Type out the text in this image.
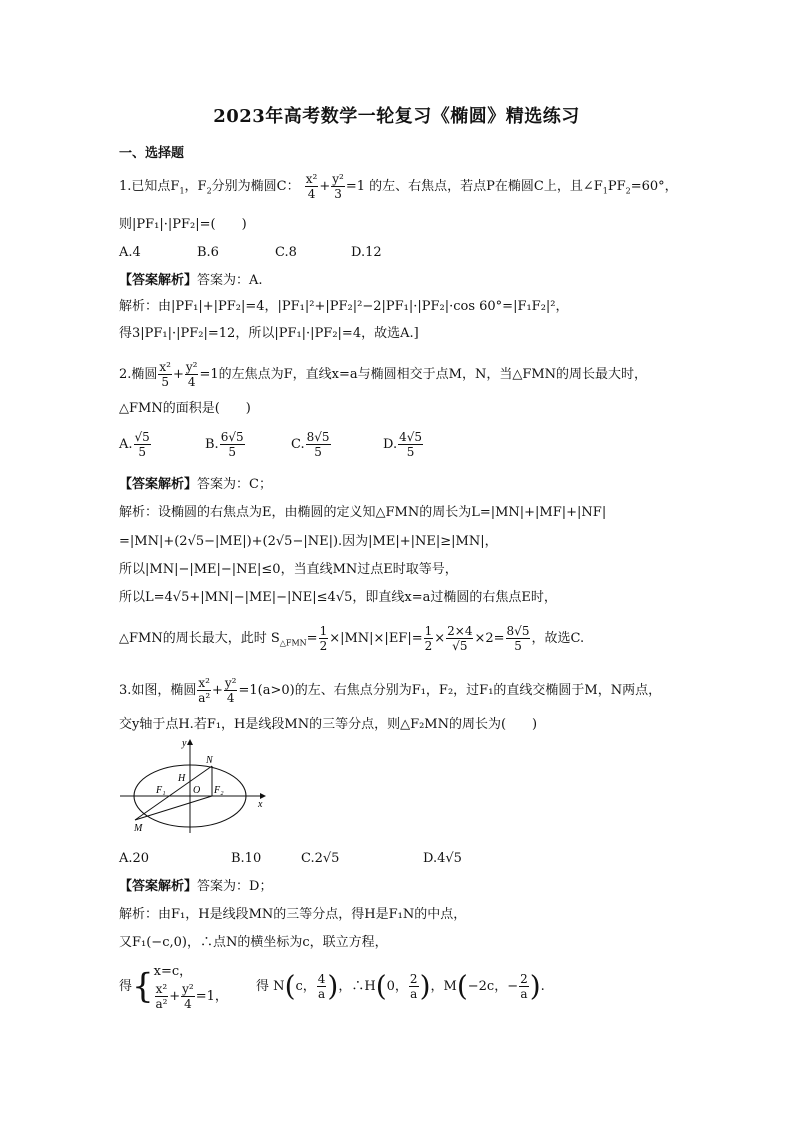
2023年高考数学一轮复习《椭圆》精选练习
一、选择题
1.已知点$F_1$，$F_2$分别为椭圆C： $\frac{\text{x²}}{4} + \frac{\text{y²}}{3} =1$ 的左、右焦点，若点P在椭圆C上，且$\angle F_1PF_2=60^\circ$，
则|PF₁|·|PF₂|=(　　)
A.4	B.6	C.8	D.12
【答案解析】答案为：A.
解析：由|PF₁|+|PF₂|=4，|PF₁|²+|PF₂|²−2|PF₁|·|PF₂|·cos 60°=|F₁F₂|²，
得3|PF₁|·|PF₂|=12，所以|PF₁|·|PF₂|=4，故选A.]
2.椭圆 $\frac{\text{x²}}{5} + \frac{\text{y²}}{4} =1$的左焦点为F，直线x=a与椭圆相交于点M，N，当△FMN的周长最大时，
△FMN的面积是(　　)
A. $\frac{√5}{5}$	B. $\frac{6√5}{5}$	C. $\frac{8√5}{5}$	D. $\frac{4√5}{5}$
【答案解析】答案为：C；
解析：设椭圆的右焦点为E，由椭圆的定义知△FMN的周长为L=|MN|+|MF|+|NF|
=|MN|+(2√5−|ME|)+(2√5−|NE|).因为|ME|+|NE|≥|MN|，
所以|MN|−|ME|−|NE|≤0，当直线MN过点E时取等号，
所以L=4√5+|MN|−|ME|−|NE|≤4√5，即直线x=a过椭圆的右焦点E时，
△FMN的周长最大，此时 $S_{\triangle FMN}= \frac{1}{2} \times|MN|\times|EF|= \frac{1}{2} \times \frac{2\times 4}{√5} \times 2= \frac{8√5}{5}$ ，故选C.
3.如图，椭圆 $\frac{\text{x²}}{\text{a²}} + \frac{\text{y²}}{4} =1(a>0)$的左、右焦点分别为F₁，F₂，过F₁的直线交椭圆于M，N两点，
交y轴于点H.若F₁，H是线段MN的三等分点，则△F₂MN的周长为(　　)
y
x
N
H
F₁	O F₂
M
A.20	B.10	C.2√5	D.4√5
【答案解析】答案为：D；
解析：由F₁，H是线段MN的三等分点，得H是F₁N的中点，
又F₁(−c,0)，∴点N的横坐标为c，联立方程，
得{ x=c，
$\frac{\text{x²}}{\text{a²}} + \frac{\text{y²}}{4} =1$，
得 N(c， $\frac{4}{a}$ )，∴H(0， $\frac{2}{a}$ )，M(−2c，− $\frac{2}{a}$ ).
